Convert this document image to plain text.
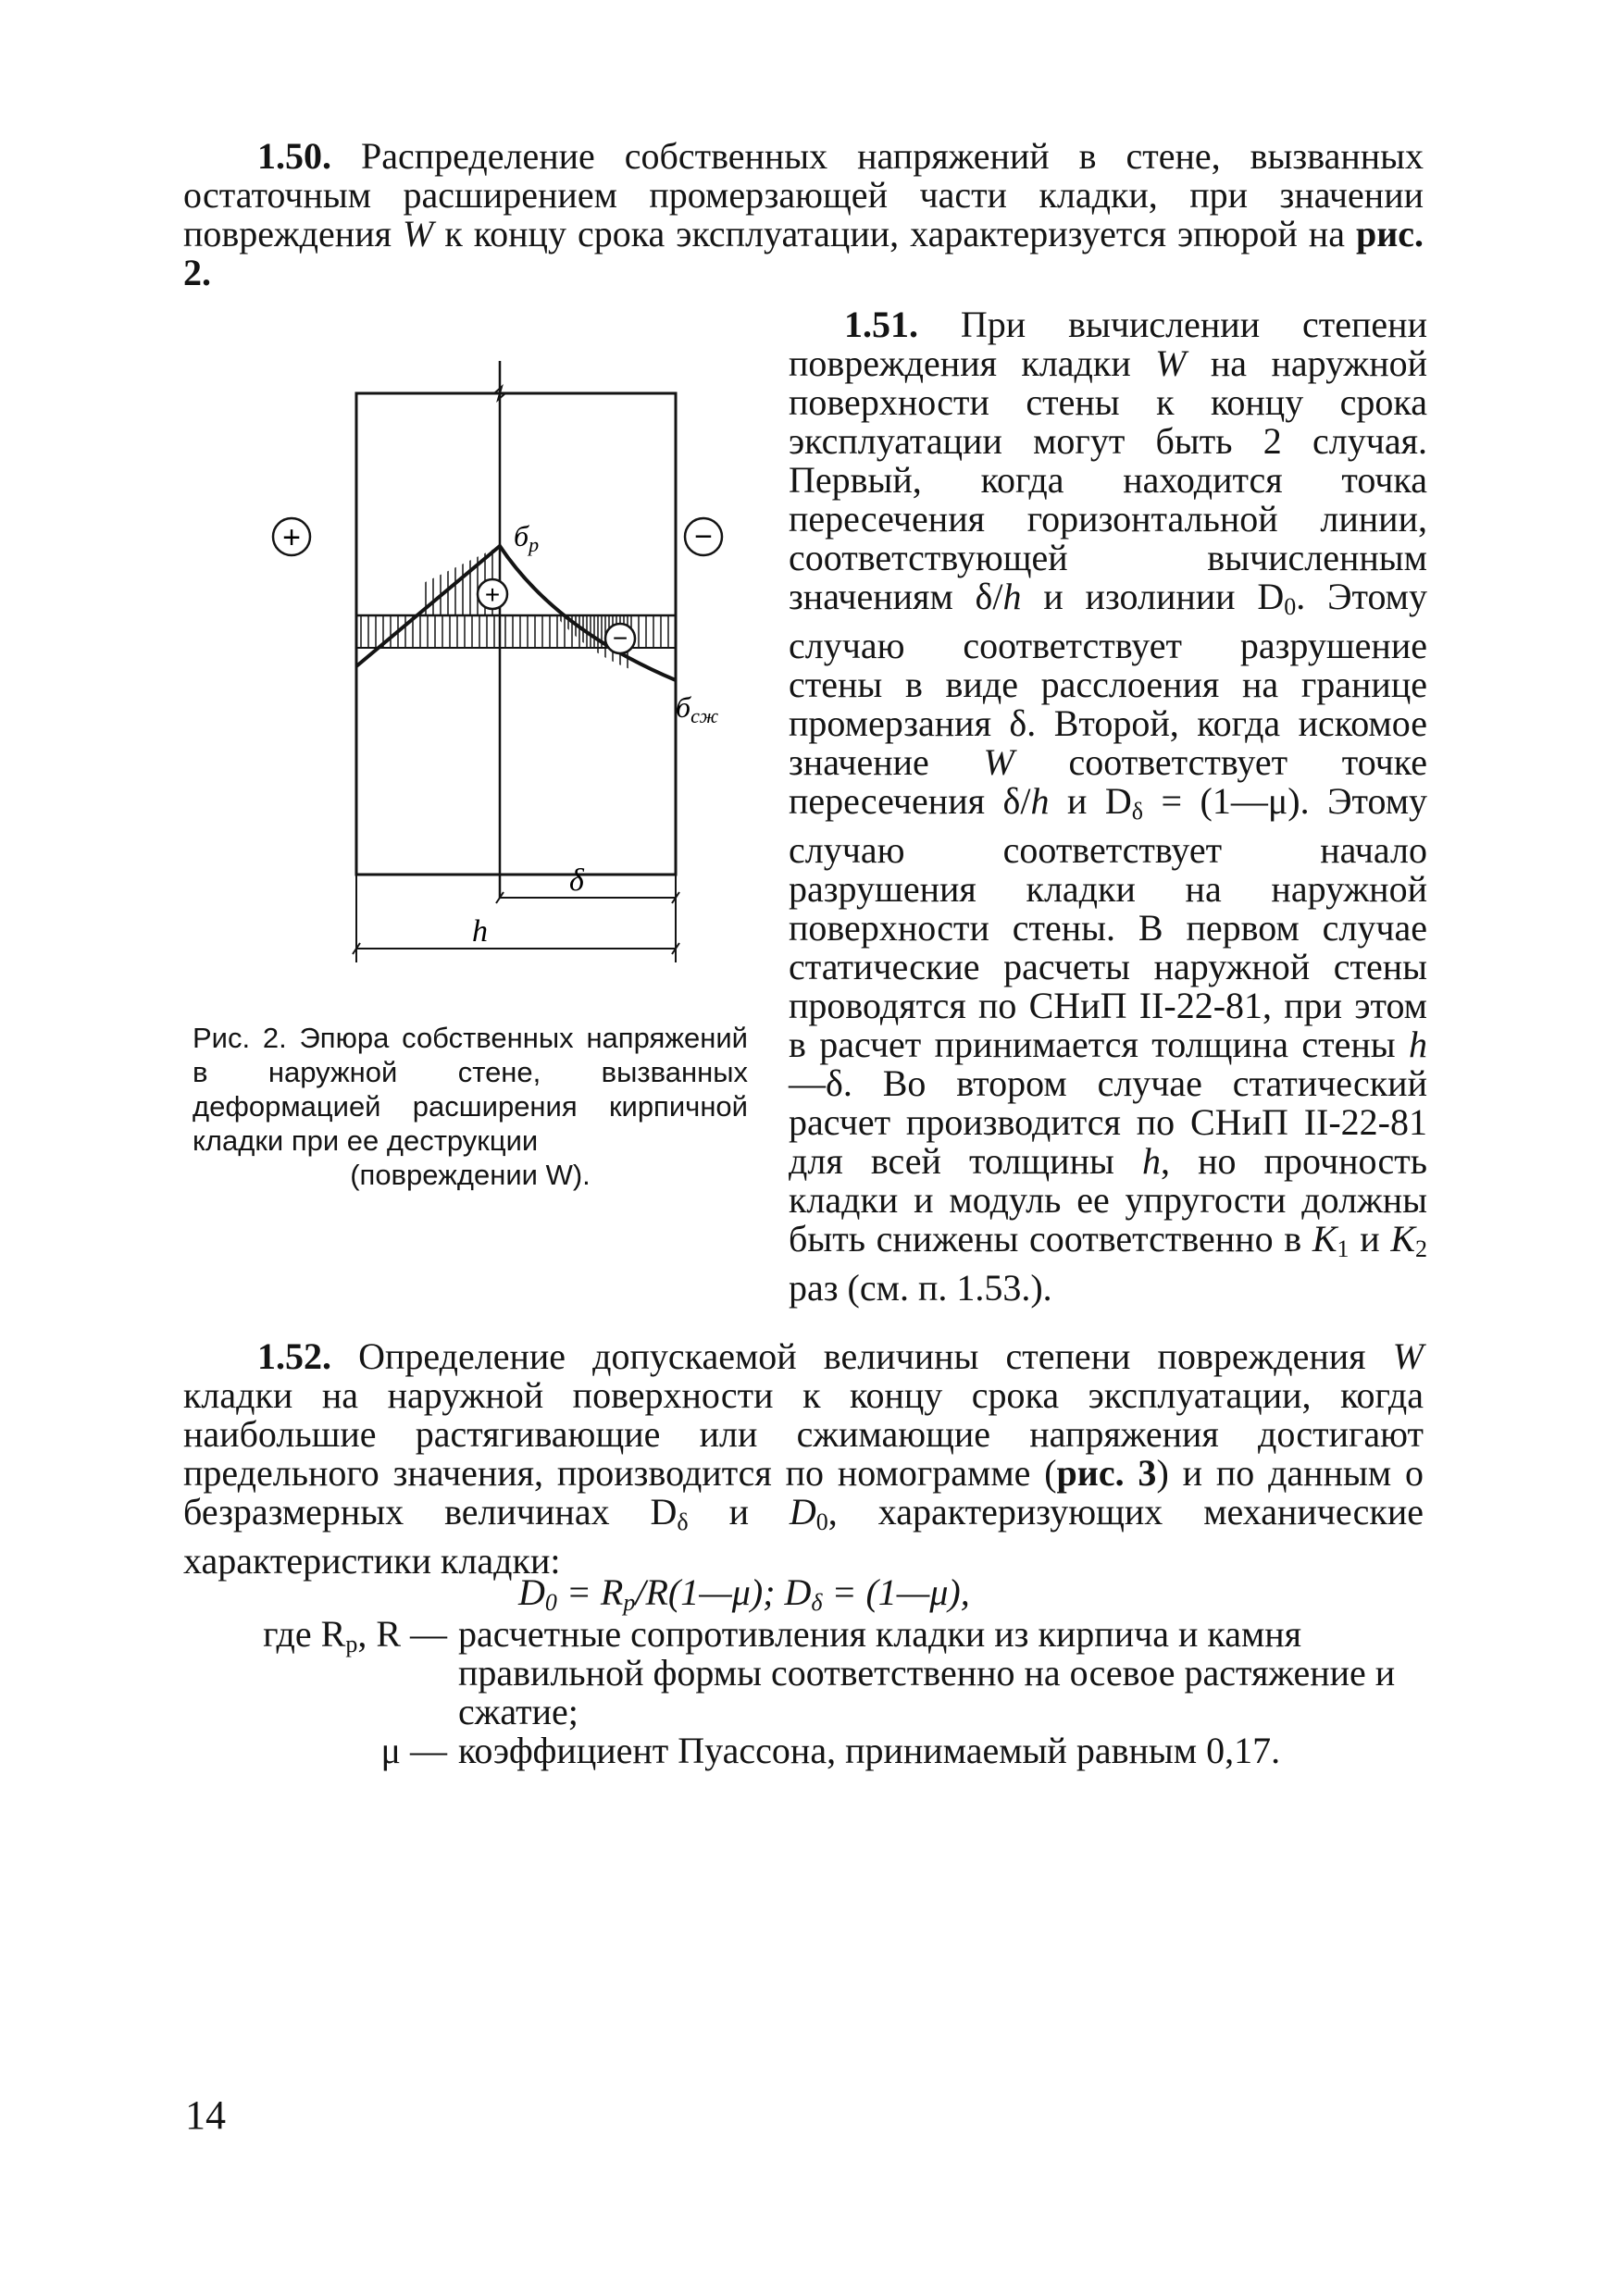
1.50. Распределение собственных напряжений в стене, вызванных остаточным расширением промерзающей части кладки, при значении повреждения W к концу срока эксплуатации, характеризуется эпюрой на рис. 2.

+	−
+
−
бр
бсж
δ
h
Рис. 2. Эпюра собственных напряжений в наружной стене, вызванных деформацией расширения кирпичной кладки при ее деструкции
(повреждении W).

1.51. При вычислении степени повреждения кладки W на наружной поверхности стены к концу срока эксплуатации могут быть 2 случая. Первый, когда находится точка пересечения горизонтальной линии, соответствующей вычисленным значениям δ/h и изолинии $D_0$. Этому случаю соответствует разрушение стены в виде расслоения на границе промерзания δ. Второй, когда искомое значение W соответствует точке пересечения δ/h и $D_\delta$ = (1—μ). Этому случаю соответствует начало разрушения кладки на наружной поверхности стены. В первом случае статические расчеты наружной стены проводятся по СНиП II-22-81, при этом в расчет принимается толщина стены h—δ. Во втором случае статический расчет производится по СНиП II-22-81 для всей толщины h, но прочность кладки и модуль ее упругости должны быть снижены соответственно в $K_1$ и $K_2$ раз (см. п. 1.53.).

1.52. Определение допускаемой величины степени повреждения W кладки на наружной поверхности к концу срока эксплуатации, когда наибольшие растягивающие или сжимающие напряжения достигают предельного значения, производится по номограмме (рис. 3) и по данным о безразмерных величинах $D_\delta$ и $D_0$, характеризующих механические характеристики кладки:

$D_0$ = $R_p/R(1—\mu)$; $D_\delta$ = (1—μ),
где $R_p$, R — расчетные сопротивления кладки из кирпича и камня правильной формы соответственно на осевое растяжение и сжатие;
μ — коэффициент Пуассона, принимаемый равным 0,17.
14
